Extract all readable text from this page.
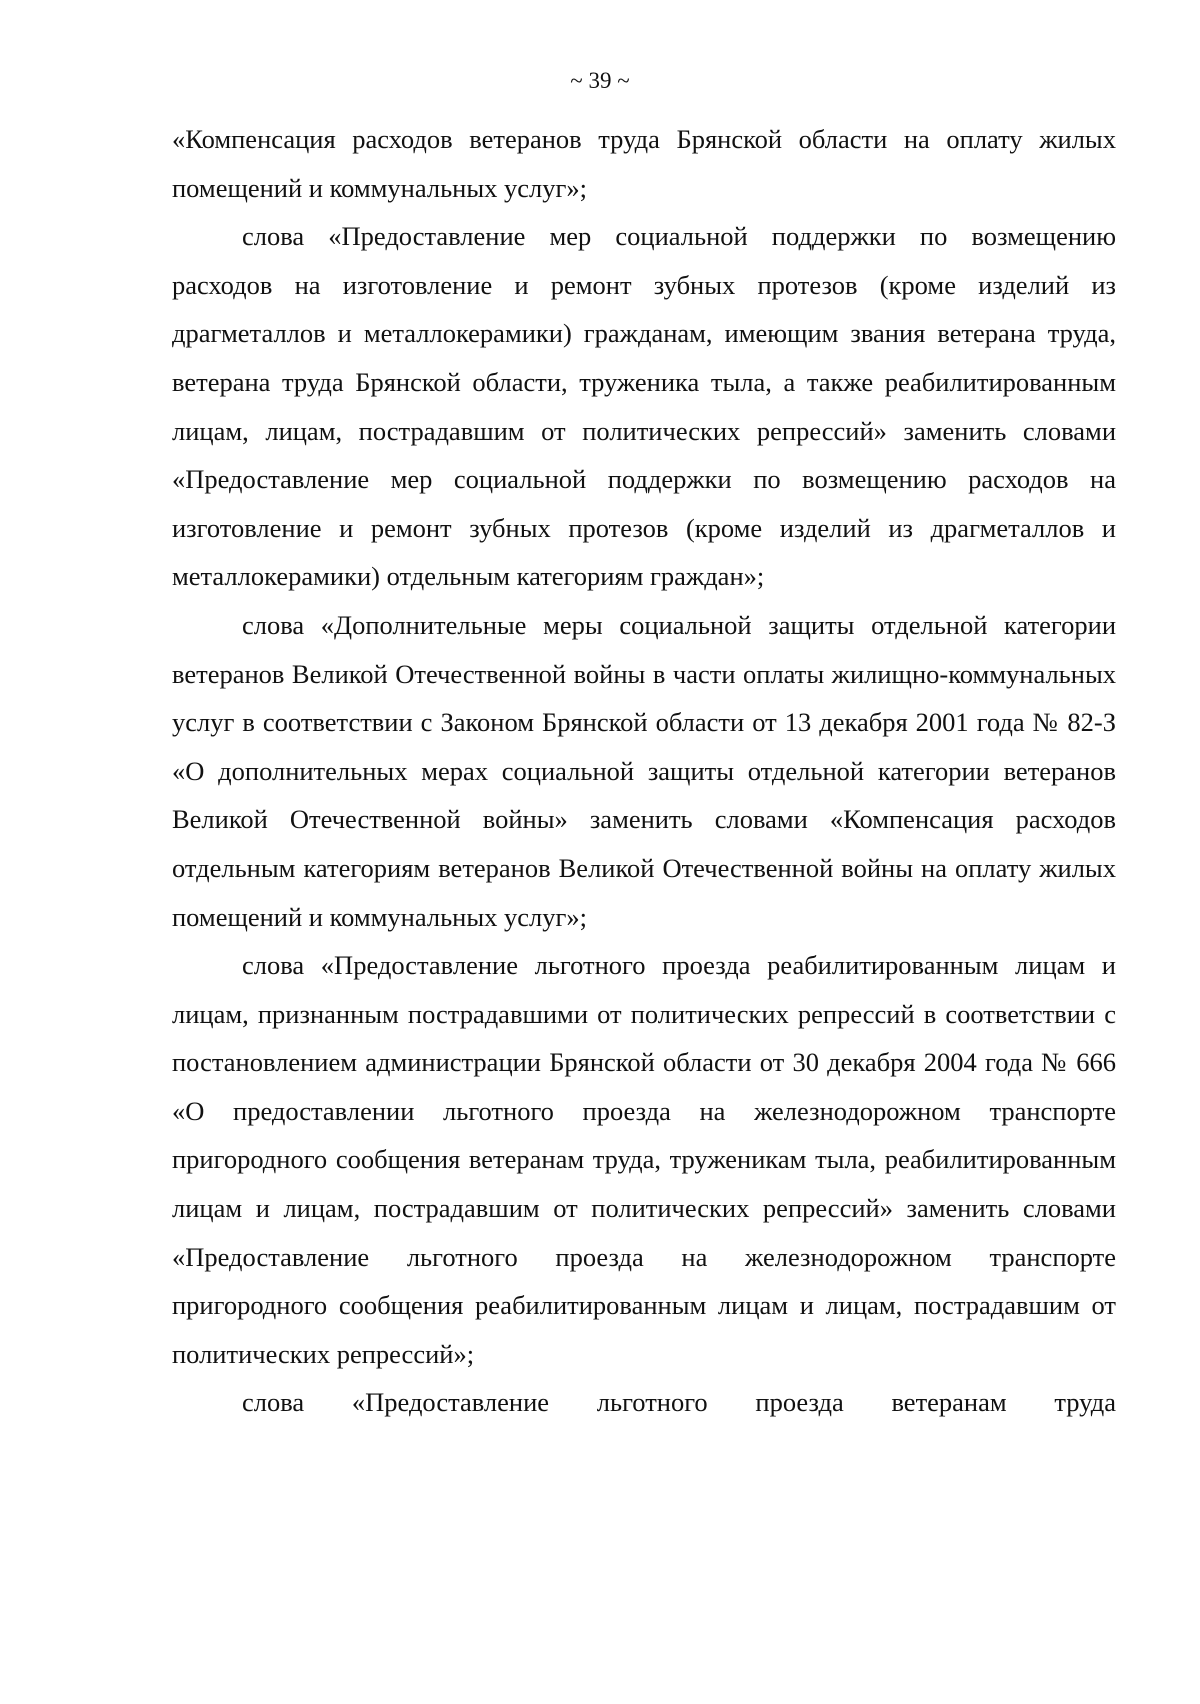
~ 39 ~

«Компенсация расходов ветеранов труда Брянской области на оплату жилых помещений и коммунальных услуг»;

слова «Предоставление мер социальной поддержки по возмещению расходов на изготовление и ремонт зубных протезов (кроме изделий из драгметаллов и металлокерамики) гражданам, имеющим звания ветерана труда, ветерана труда Брянской области, труженика тыла, а также реабилитированным лицам, лицам, пострадавшим от политических репрессий» заменить словами «Предоставление мер социальной поддержки по возмещению расходов на изготовление и ремонт зубных протезов (кроме изделий из драгметаллов и металлокерамики) отдельным категориям граждан»;

слова «Дополнительные меры социальной защиты отдельной категории ветеранов Великой Отечественной войны в части оплаты жилищно-коммунальных услуг в соответствии с Законом Брянской области от 13 декабря 2001 года № 82-З «О дополнительных мерах социальной защиты отдельной категории ветеранов Великой Отечественной войны» заменить словами «Компенсация расходов отдельным категориям ветеранов Великой Отечественной войны на оплату жилых помещений и коммунальных услуг»;

слова «Предоставление льготного проезда реабилитированным лицам и лицам, признанным пострадавшими от политических репрессий в соответствии с постановлением администрации Брянской области от 30 декабря 2004 года № 666 «О предоставлении льготного проезда на железнодорожном транспорте пригородного сообщения ветеранам труда, труженикам тыла, реабилитированным лицам и лицам, пострадавшим от политических репрессий» заменить словами «Предоставление льготного проезда на железнодорожном транспорте пригородного сообщения реабилитированным лицам и лицам, пострадавшим от политических репрессий»;

слова «Предоставление льготного проезда ветеранам труда
